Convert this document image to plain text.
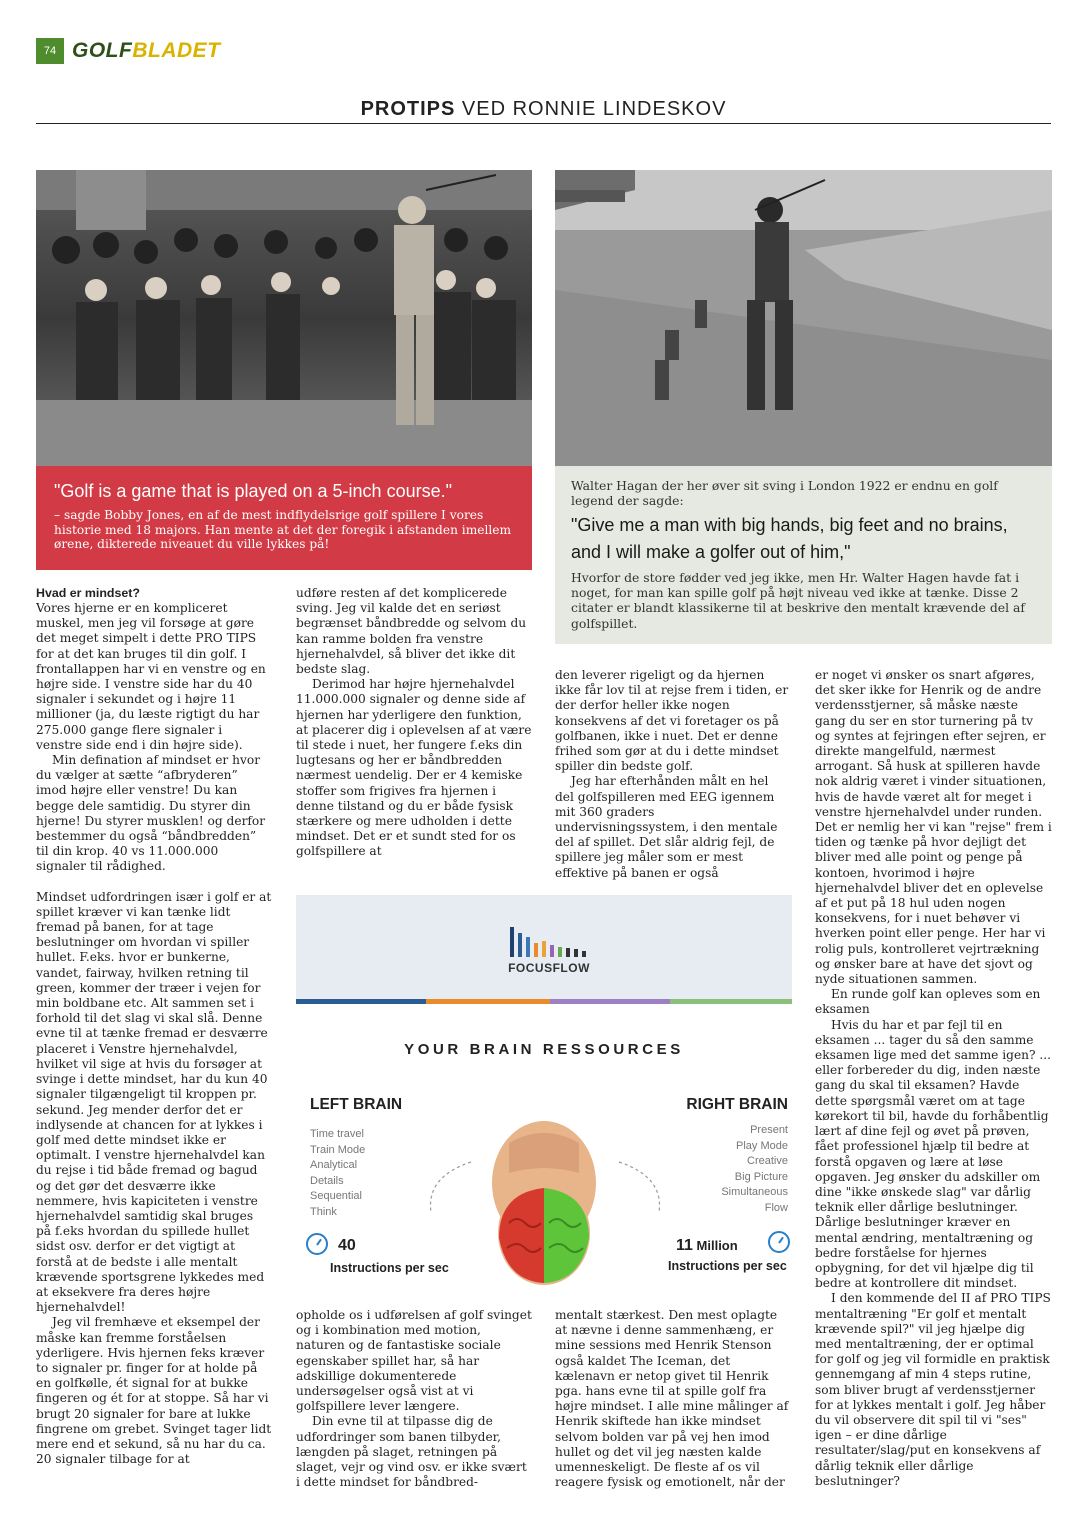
74 GOLF BLADET
PROTIPS VED RONNIE LINDESKOV
"Golf is a game that is played on a 5-inch course."
– sagde Bobby Jones, en af de mest indflydelsrige golf spillere I vores historie med 18 majors. Han mente at det der foregik i afstanden imellem ørene, dikterede niveauet du ville lykkes på!
Walter Hagan der her øver sit sving i London 1922 er endnu en golf legend der sagde:
"Give me a man with big hands, big feet and no brains, and I will make a golfer out of him,"
Hvorfor de store fødder ved jeg ikke, men Hr. Walter Hagen havde fat i noget, for man kan spille golf på højt niveau ved ikke at tænke. Disse 2 citater er blandt klassikerne til at beskrive den mentalt krævende del af golfspillet.
Hvad er mindset?

Vores hjerne er en kompliceret muskel, men jeg vil forsøge at gøre det meget simpelt i dette PRO TIPS for at det kan bruges til din golf. I frontallappen har vi en venstre og en højre side. I venstre side har du 40 signaler i sekundet og i højre 11 millioner (ja, du læste rigtigt du har 275.000 gange flere signaler i venstre side end i din højre side).

Min defination af mindset er hvor du vælger at sætte “afbryderen” imod højre eller venstre! Du kan begge dele samtidig. Du styrer din hjerne! Du styrer musklen! og derfor bestemmer du også “båndbredden” til din krop. 40 vs 11.000.000 signaler til rådighed.

Mindset udfordringen især i golf er at spillet kræver vi kan tænke lidt fremad på banen, for at tage beslutninger om hvordan vi spiller hullet. F.eks. hvor er bunkerne, vandet, fairway, hvilken retning til green, kommer der træer i vejen for min boldbane etc. Alt sammen set i forhold til det slag vi skal slå. Denne evne til at tænke fremad er desværre placeret i Venstre hjernehalvdel, hvilket vil sige at hvis du forsøger at svinge i dette mindset, har du kun 40 signaler tilgængeligt til kroppen pr. sekund. Jeg mender derfor det er indlysende at chancen for at lykkes i golf med dette mindset ikke er optimalt. I venstre hjernehalvdel kan du rejse i tid både fremad og bagud og det gør det desværre ikke nemmere, hvis kapiciteten i venstre hjernehalvdel samtidig skal bruges på f.eks hvordan du spillede hullet sidst osv. derfor er det vigtigt at forstå at de bedste i alle mentalt krævende sportsgrene lykkedes med at eksekvere fra deres højre hjernehalvdel!

Jeg vil fremhæve et eksempel der måske kan fremme forståelsen yderligere. Hvis hjernen feks kræver to signaler pr. finger for at holde på en golfkølle, ét signal for at bukke fingeren og ét for at stoppe. Så har vi brugt 20 signaler for bare at lukke fingrene om grebet. Svinget tager lidt mere end et sekund, så nu har du ca. 20 signaler tilbage for at

udføre resten af det komplicerede sving. Jeg vil kalde det en seriøst begrænset båndbredde og selvom du kan ramme bolden fra venstre hjernehalvdel, så bliver det ikke dit bedste slag.

Derimod har højre hjernehalvdel 11.000.000 signaler og denne side af hjernen har yderligere den funktion, at placerer dig i oplevelsen af at være til stede i nuet, her fungere f.eks din lugtesans og her er båndbredden nærmest uendelig. Der er 4 kemiske stoffer som frigives fra hjernen i denne tilstand og du er både fysisk stærkere og mere udholden i dette mindset. Det er et sundt sted for os golfspillere at

den leverer rigeligt og da hjernen ikke får lov til at rejse frem i tiden, er der derfor heller ikke nogen konsekvens af det vi foretager os på golfbanen, ikke i nuet. Det er denne frihed som gør at du i dette mindset spiller din bedste golf.

Jeg har efterhånden målt en hel del golfspilleren med EEG igennem mit 360 graders undervisningssystem, i den mentale del af spillet. Det slår aldrig fejl, de spillere jeg måler som er mest effektive på banen er også

er noget vi ønsker os snart afgøres, det sker ikke for Henrik og de andre verdensstjerner, så måske næste gang du ser en stor turnering på tv og syntes at fejringen efter sejren, er direkte mangelfuld, nærmest arrogant. Så husk at spilleren havde nok aldrig været i vinder situationen, hvis de havde været alt for meget i venstre hjernehalvdel under runden. Det er nemlig her vi kan "rejse" frem i tiden og tænke på hvor dejligt det bliver med alle point og penge på kontoen, hvorimod i højre hjernehalvdel bliver det en oplevelse af et put på 18 hul uden nogen konsekvens, for i nuet behøver vi hverken point eller penge. Her har vi rolig puls, kontrolleret vejrtrækning og ønsker bare at have det sjovt og nyde situationen sammen.

En runde golf kan opleves som en eksamen

Hvis du har et par fejl til en eksamen ... tager du så den samme eksamen lige med det samme igen? ... eller forbereder du dig, inden næste gang du skal til eksamen? Havde dette spørgsmål været om at tage kørekort til bil, havde du forhåbentlig lært af dine fejl og øvet på prøven, fået professionel hjælp til bedre at forstå opgaven og lære at løse opgaven. Jeg ønsker du adskiller om dine "ikke ønskede slag" var dårlig teknik eller dårlige beslutninger. Dårlige beslutninger kræver en mental ændring, mentaltræning og bedre forståelse for hjernes opbygning, for det vil hjælpe dig til bedre at kontrollere dit mindset.

I den kommende del II af PRO TIPS mentaltræning "Er golf et mentalt krævende spil?" vil jeg hjælpe dig med mentaltræning, der er optimal for golf og jeg vil formidle en praktisk gennemgang af min 4 steps rutine, som bliver brugt af verdensstjerner for at lykkes mentalt i golf. Jeg håber du vil observere dit spil til vi "ses" igen – er dine dårlige resultater/slag/put en konsekvens af dårlig teknik eller dårlige beslutninger?

opholde os i udførelsen af golf svinget og i kombination med motion, naturen og de fantastiske sociale egenskaber spillet har, så har adskillige dokumenterede undersøgelser også vist at vi golfspillere lever længere.

Din evne til at tilpasse dig de udfordringer som banen tilbyder, længden på slaget, retningen på slaget, vejr og vind osv. er ikke svært i dette mindset for båndbred-

mentalt stærkest. Den mest oplagte at nævne i denne sammenhæng, er mine sessions med Henrik Stenson også kaldet The Iceman, det kælenavn er netop givet til Henrik pga. hans evne til at spille golf fra højre mindset. I alle mine målinger af Henrik skiftede han ikke mindset selvom bolden var på vej hen imod hullet og det vil jeg næsten kalde umenneskeligt. De fleste af os vil reagere fysisk og emotionelt, når der

FOCUSFLOW
YOUR BRAIN RESSOURCES
LEFT BRAIN
Time travel
Train Mode
Analytical
Details
Sequential
Think
RIGHT BRAIN
Present
Play Mode
Creative
Big Picture
Simultaneous
Flow
40
Instructions per sec
11 Million
Instructions per sec
